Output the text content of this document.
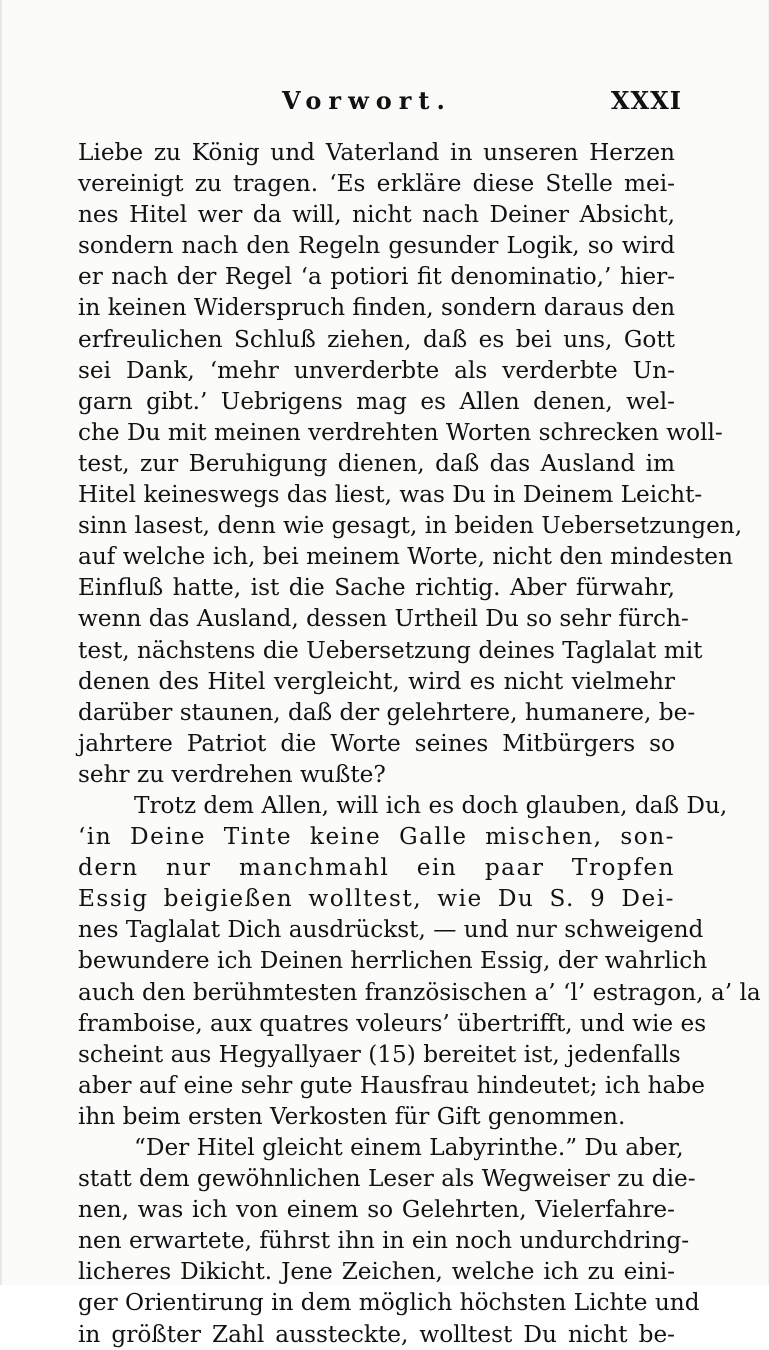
Vorwort.	XXXI
Liebe zu König und Vaterland in unseren Herzen
vereinigt zu tragen. ‘Es erkläre diese Stelle mei-
nes Hitel wer da will, nicht nach Deiner Absicht,
sondern nach den Regeln gesunder Logik, so wird
er nach der Regel ‘a potiori fit denominatio,’ hier-
in keinen Widerspruch finden, sondern daraus den
erfreulichen Schluß ziehen, daß es bei uns, Gott
sei Dank, ‘mehr unverderbte als verderbte Un-
garn gibt.’ Uebrigens mag es Allen denen, wel-
che Du mit meinen verdrehten Worten schrecken woll-
test, zur Beruhigung dienen, daß das Ausland im
Hitel keineswegs das liest, was Du in Deinem Leicht-
sinn lasest, denn wie gesagt, in beiden Uebersetzungen,
auf welche ich, bei meinem Worte, nicht den mindesten
Einfluß hatte, ist die Sache richtig. Aber fürwahr,
wenn das Ausland, dessen Urtheil Du so sehr fürch-
test, nächstens die Uebersetzung deines Taglalat mit
denen des Hitel vergleicht, wird es nicht vielmehr
darüber staunen, daß der gelehrtere, humanere, be-
jahrtere Patriot die Worte seines Mitbürgers so
sehr zu verdrehen wußte?
Trotz dem Allen, will ich es doch glauben, daß Du,
‘in Deine Tinte keine Galle mischen, son-
dern nur manchmahl ein paar Tropfen
Essig beigießen wolltest, wie Du S. 9 Dei-
nes Taglalat Dich ausdrückst, — und nur schweigend
bewundere ich Deinen herrlichen Essig, der wahrlich
auch den berühmtesten französischen a’ ‘l’ estragon, a’ la
framboise, aux quatres voleurs’ übertrifft, und wie es
scheint aus Hegyallyaer (15) bereitet ist, jedenfalls
aber auf eine sehr gute Hausfrau hindeutet; ich habe
ihn beim ersten Verkosten für Gift genommen.
“Der Hitel gleicht einem Labyrinthe.” Du aber,
statt dem gewöhnlichen Leser als Wegweiser zu die-
nen, was ich von einem so Gelehrten, Vielerfahre-
nen erwartete, führst ihn in ein noch undurchdring-
licheres Dikicht. Jene Zeichen, welche ich zu eini-
ger Orientirung in dem möglich höchsten Lichte und
in größter Zahl aussteckte, wolltest Du nicht be-
